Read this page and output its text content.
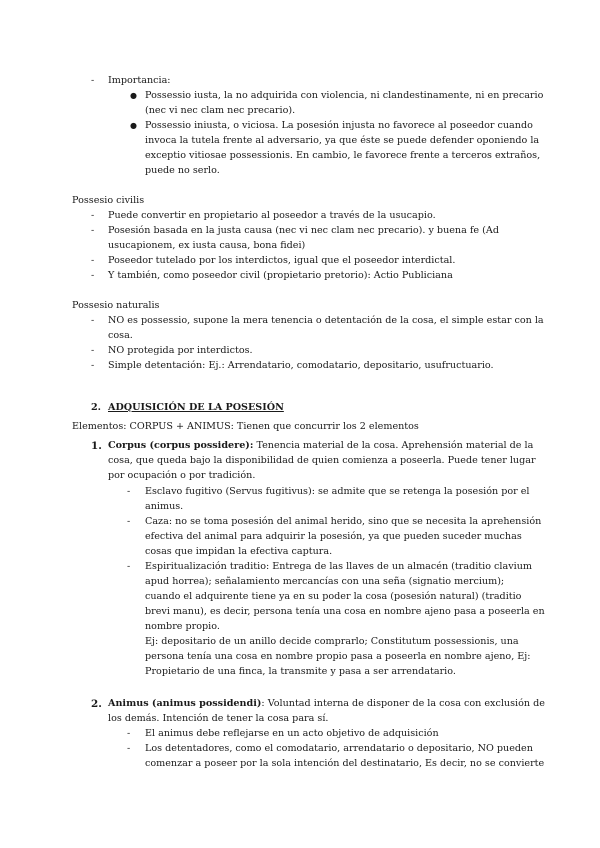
- Importancia:
● Possessio iusta, la no adquirida con violencia, ni clandestinamente, ni en precario
(nec vi nec clam nec precario).
● Possessio iniusta, o viciosa. La posesión injusta no favorece al poseedor cuando
invoca la tutela frente al adversario, ya que éste se puede defender oponiendo la
exceptio vitiosae possessionis. En cambio, le favorece frente a terceros extraños,
puede no serlo.
Possesio civilis
- Puede convertir en propietario al poseedor a través de la usucapio.
- Posesión basada en la justa causa (nec vi nec clam nec precario). y buena fe (Ad
usucapionem, ex iusta causa, bona fidei)
- Poseedor tutelado por los interdictos, igual que el poseedor interdictal.
- Y también, como poseedor civil (propietario pretorio): Actio Publiciana
Possesio naturalis
- NO es possessio, supone la mera tenencia o detentación de la cosa, el simple estar con la
cosa.
- NO protegida por interdictos.
- Simple detentación: Ej.: Arrendatario, comodatario, depositario, usufructuario.
2. ADQUISICIÓN DE LA POSESIÓN
Elementos: CORPUS + ANIMUS: Tienen que concurrir los 2 elementos
1. Corpus (corpus possidere): Tenencia material de la cosa. Aprehensión material de la
cosa, que queda bajo la disponibilidad de quien comienza a poseerla. Puede tener lugar
por ocupación o por tradición.
- Esclavo fugitivo (Servus fugitivus): se admite que se retenga la posesión por el
animus.
- Caza: no se toma posesión del animal herido, sino que se necesita la aprehensión
efectiva del animal para adquirir la posesión, ya que pueden suceder muchas
cosas que impidan la efectiva captura.
- Espiritualización traditio: Entrega de las llaves de un almacén (traditio clavium
apud horrea); señalamiento mercancías con una seña (signatio mercium);
cuando el adquirente tiene ya en su poder la cosa (posesión natural) (traditio
brevi manu), es decir, persona tenía una cosa en nombre ajeno pasa a poseerla en
nombre propio.
Ej: depositario de un anillo decide comprarlo; Constitutum possessionis, una
persona tenía una cosa en nombre propio pasa a poseerla en nombre ajeno, Ej:
Propietario de una finca, la transmite y pasa a ser arrendatario.
2. Animus (animus possidendi): Voluntad interna de disponer de la cosa con exclusión de
los demás. Intención de tener la cosa para sí.
- El animus debe reflejarse en un acto objetivo de adquisición
- Los detentadores, como el comodatario, arrendatario o depositario, NO pueden
comenzar a poseer por la sola intención del destinatario, Es decir, no se convierte
